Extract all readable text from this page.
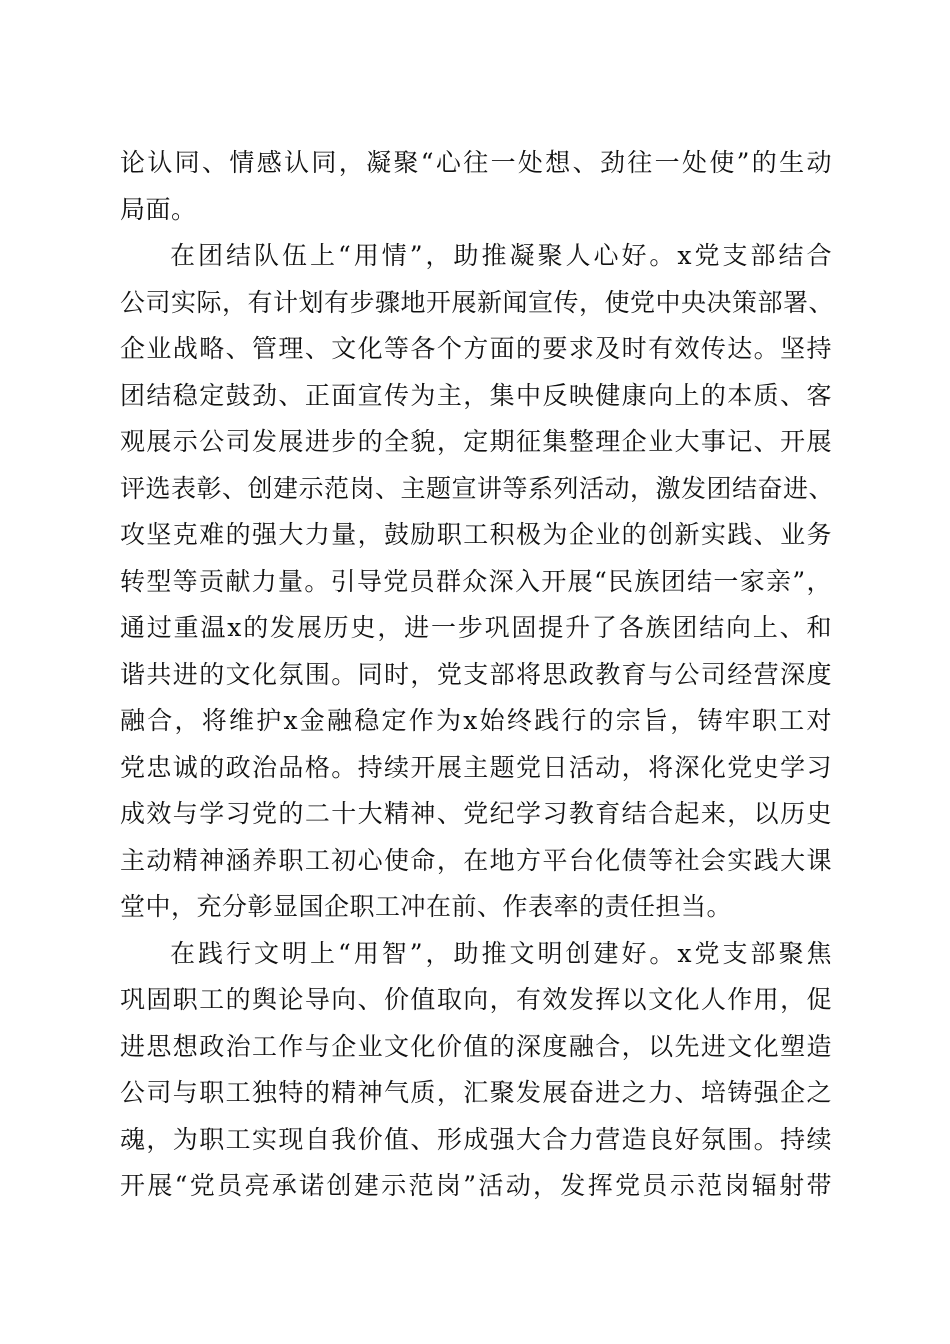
论认同、情感认同，凝聚“心往一处想、劲往一处使”的生动
局面。
在团结队伍上“用情”，助推凝聚人心好。x党支部结合
公司实际，有计划有步骤地开展新闻宣传，使党中央决策部署、
企业战略、管理、文化等各个方面的要求及时有效传达。坚持
团结稳定鼓劲、正面宣传为主，集中反映健康向上的本质、客
观展示公司发展进步的全貌，定期征集整理企业大事记、开展
评选表彰、创建示范岗、主题宣讲等系列活动，激发团结奋进、
攻坚克难的强大力量，鼓励职工积极为企业的创新实践、业务
转型等贡献力量。引导党员群众深入开展“民族团结一家亲”，
通过重温x的发展历史，进一步巩固提升了各族团结向上、和
谐共进的文化氛围。同时，党支部将思政教育与公司经营深度
融合，将维护x金融稳定作为x始终践行的宗旨，铸牢职工对
党忠诚的政治品格。持续开展主题党日活动，将深化党史学习
成效与学习党的二十大精神、党纪学习教育结合起来，以历史
主动精神涵养职工初心使命，在地方平台化债等社会实践大课
堂中，充分彰显国企职工冲在前、作表率的责任担当。
在践行文明上“用智”，助推文明创建好。x党支部聚焦
巩固职工的舆论导向、价值取向，有效发挥以文化人作用，促
进思想政治工作与企业文化价值的深度融合，以先进文化塑造
公司与职工独特的精神气质，汇聚发展奋进之力、培铸强企之
魂，为职工实现自我价值、形成强大合力营造良好氛围。持续
开展“党员亮承诺创建示范岗”活动，发挥党员示范岗辐射带
